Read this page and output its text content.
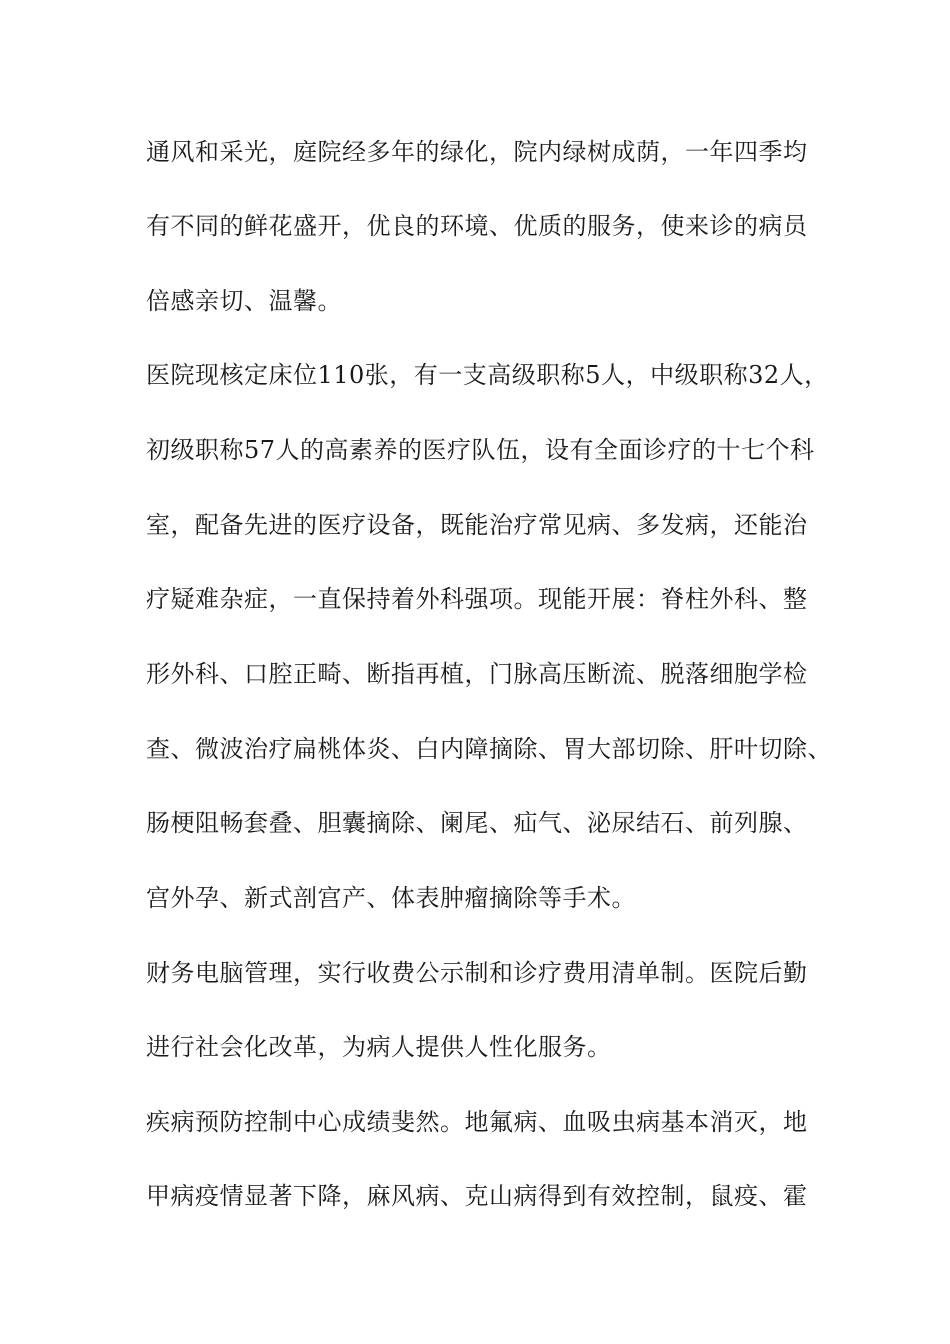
通风和采光，庭院经多年的绿化，院内绿树成荫，一年四季均

有不同的鲜花盛开，优良的环境、优质的服务，使来诊的病员

倍感亲切、温馨。

医院现核定床位110张，有一支高级职称5人，中级职称32人，

初级职称57人的高素养的医疗队伍，设有全面诊疗的十七个科

室，配备先进的医疗设备，既能治疗常见病、多发病，还能治

疗疑难杂症，一直保持着外科强项。现能开展：脊柱外科、整

形外科、口腔正畸、断指再植，门脉高压断流、脱落细胞学检

查、微波治疗扁桃体炎、白内障摘除、胃大部切除、肝叶切除、

肠梗阻畅套叠、胆囊摘除、阑尾、疝气、泌尿结石、前列腺、

宫外孕、新式剖宫产、体表肿瘤摘除等手术。

财务电脑管理，实行收费公示制和诊疗费用清单制。医院后勤

进行社会化改革，为病人提供人性化服务。

疾病预防控制中心成绩斐然。地氟病、血吸虫病基本消灭，地

甲病疫情显著下降，麻风病、克山病得到有效控制，鼠疫、霍
